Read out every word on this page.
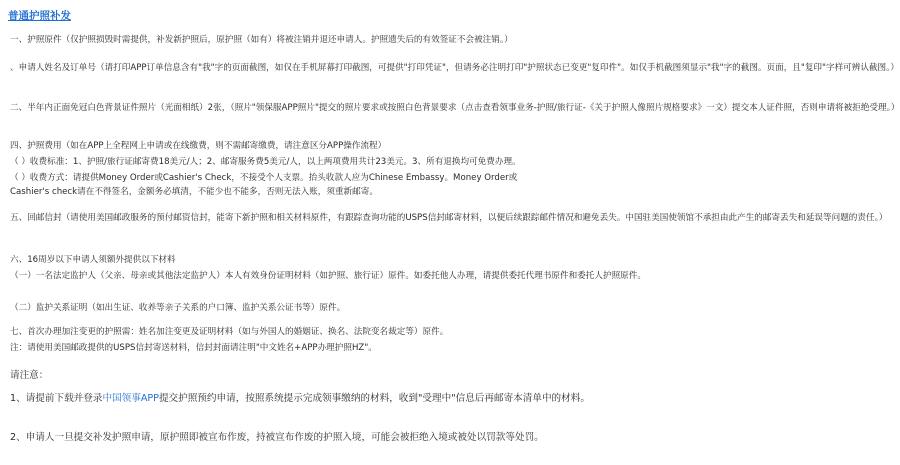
普通护照补发
一、护照原件（仅护照损毁时需提供，补发新护照后，原护照（如有）将被注销并退还申请人。护照遗失后的有效签证不会被注销。）
、申请人姓名及订单号（请打印APP订单信息含有"我"字的页面截图，如仅在手机屏幕打印截图，可提供"打印凭证"，但请务必注明打印"护照状态已变更"复印件"。如仅手机截图须显示"我"字的截图。页面，且"复印"字样可辨认截图。）
二、半年内正面免冠白色背景证件照片（光面相纸）2张，（照片"领保服APP照片"提交的照片要求或按照白色背景要求（点击查看领事业务-护照/旅行证-《关于护照人像照片规格要求》一文）提交本人证件照，否则申请将被拒绝受理。）
四、护照费用（如在APP上全程网上申请或在线缴费，则不需邮寄缴费，请注意区分APP操作流程）
（ ）收费标准：1、护照/旅行证邮寄费18美元/人；2、邮寄服务费5美元/人，以上两项费用共计23美元。3、所有退换均可免费办理。
（ ）收费方式：请提供Money Order或Cashier's Check，不接受个人支票。抬头收款人应为Chinese Embassy。Money Order或
Cashier's check请在不得签名，金额务必填清，不能少也不能多，否则无法入账，须重新邮寄。
五、回邮信封（请使用美国邮政服务的预付邮资信封，能寄下新护照和相关材料原件，有跟踪查询功能的USPS信封邮寄材料，以便后续跟踪邮件情况和避免丢失。中国驻美国使领馆不承担由此产生的邮寄丢失和延误等问题的责任。）
六、16周岁以下申请人须额外提供以下材料
（一）一名法定监护人（父亲、母亲或其他法定监护人）本人有效身份证明材料（如护照、旅行证）原件。如委托他人办理，请提供委托代理书原件和委托人护照原件。
（二）监护关系证明（如出生证、收养等亲子关系的户口簿、监护关系公证书等）原件。
七、首次办理加注变更的护照需：姓名加注变更及证明材料（如与外国人的婚姻证、换名、法院变名裁定等）原件。
注：请使用美国邮政提供的USPS信封寄送材料，信封封面请注明"中文姓名+APP办理护照HZ"。
请注意：
1、请提前下载并登录中国领事APP提交护照预约申请，按照系统提示完成领事缴纳的材料，收到"受理中"信息后再邮寄本清单中的材料。
2、申请人一旦提交补发护照申请，原护照即被宣布作废，持被宣布作废的护照入境，可能会被拒绝入境或被处以罚款等处罚。
